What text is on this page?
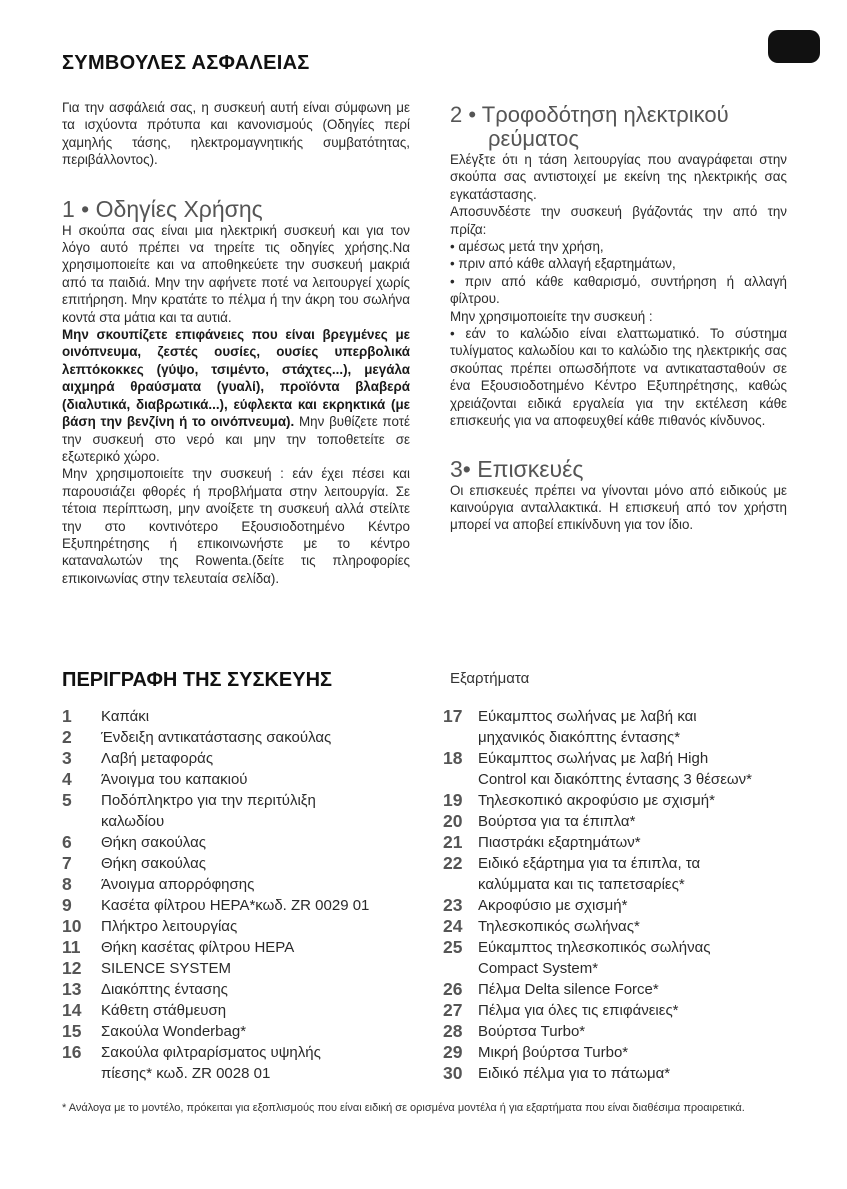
ΣΥΜΒΟΥΛΕΣ ΑΣΦΑΛΕΙΑΣ

Για την ασφάλειά σας, η συσκευή αυτή είναι σύμφωνη με τα ισχύοντα πρότυπα και κανονισμούς (Οδηγίες περί χαμηλής τάσης, ηλεκτρομαγνητικής συμβατότητας, περιβάλλοντος).

1 • Οδηγίες Χρήσης

Η σκούπα σας είναι μια ηλεκτρική συσκευή και για τον λόγο αυτό πρέπει να τηρείτε τις οδηγίες χρήσης.Να χρησιμοποιείτε και να αποθηκεύετε την συσκευή μακριά από τα παιδιά. Μην την αφήνετε ποτέ να λειτουργεί χωρίς επιτήρηση. Μην κρατάτε το πέλμα ή την άκρη του σωλήνα κοντά στα μάτια και τα αυτιά.

Μην σκουπίζετε επιφάνειες που είναι βρεγμένες με οινόπνευμα, ζεστές ουσίες, ουσίες υπερβολικά λεπτόκοκκες (γύψο, τσιμέντο, στάχτες...), μεγάλα αιχμηρά θραύσματα (γυαλί), προϊόντα βλαβερά (διαλυτικά, διαβρωτικά...), εύφλεκτα και εκρηκτικά (με βάση την βενζίνη ή το οινόπνευμα). Μην βυθίζετε ποτέ την συσκευή στο νερό και μην την τοποθετείτε σε εξωτερικό χώρο.

Μην χρησιμοποιείτε την συσκευή : εάν έχει πέσει και παρουσιάζει φθορές ή προβλήματα στην λειτουργία. Σε τέτοια περίπτωση, μην ανοίξετε τη συσκευή αλλά στείλτε την στο κοντινότερο Εξουσιοδοτημένο Κέντρο Εξυπηρέτησης ή επικοινωνήστε με το κέντρο καταναλωτών της Rowenta.(δείτε τις πληροφορίες επικοινωνίας στην τελευταία σελίδα).

2 • Τροφοδότηση ηλεκτρικού
ρεύματος

Ελέγξτε ότι η τάση λειτουργίας που αναγράφεται στην σκούπα σας αντιστοιχεί με εκείνη της ηλεκτρικής σας εγκατάστασης.

Αποσυνδέστε την συσκευή βγάζοντάς την από την πρίζα:

• αμέσως μετά την χρήση,

• πριν από κάθε αλλαγή εξαρτημάτων,

• πριν από κάθε καθαρισμό, συντήρηση ή αλλαγή φίλτρου.

Μην χρησιμοποιείτε την συσκευή :

• εάν το καλώδιο είναι ελαττωματικό. Το σύστημα τυλίγματος καλωδίου και το καλώδιο της ηλεκτρικής σας σκούπας πρέπει οπωσδήποτε να αντικατασταθούν σε ένα Εξουσιοδοτημένο Κέντρο Εξυπηρέτησης, καθώς χρειάζονται ειδικά εργαλεία για την εκτέλεση κάθε επισκευής για να αποφευχθεί κάθε πιθανός κίνδυνος.

3• Επισκευές

Οι επισκευές πρέπει να γίνονται μόνο από ειδικούς με καινούργια ανταλλακτικά. Η επισκευή από τον χρήστη μπορεί να αποβεί επικίνδυνη για τον ίδιο.

ΠΕΡΙΓΡΑΦΗ ΤΗΣ ΣΥΣΚΕΥΗΣ	Εξαρτήματα
1	Καπάκι
2	Ένδειξη αντικατάστασης σακούλας
3	Λαβή μεταφοράς
4	Άνοιγμα του καπακιού
5	Ποδόπληκτρο για την περιτύλιξη
καλωδίου
6	Θήκη σακούλας
7	Θήκη σακούλας
8	Άνοιγμα απορρόφησης
9	Κασέτα φίλτρου HEPA*κωδ. ZR 0029 01
10	Πλήκτρο λειτουργίας
11	Θήκη κασέτας φίλτρου HEPA
12	SILENCE SYSTEM
13	Διακόπτης έντασης
14	Κάθετη στάθμευση
15	Σακούλα Wonderbag*
16	Σακούλα φιλτραρίσματος υψηλής
πίεσης* κωδ. ZR 0028 01
17	Εύκαμπτος σωλήνας με λαβή και
μηχανικός διακόπτης έντασης*
18	Εύκαμπτος σωλήνας με λαβή High
Control και διακόπτης έντασης 3 θέσεων*
19	Τηλεσκοπικό ακροφύσιο με σχισμή*
20	Βούρτσα για τα έπιπλα*
21	Πιαστράκι εξαρτημάτων*
22	Ειδικό εξάρτημα για τα έπιπλα, τα
καλύμματα και τις ταπετσαρίες*
23	Ακροφύσιο με σχισμή*
24	Τηλεσκοπικός σωλήνας*
25	Εύκαμπτος τηλεσκοπικός σωλήνας
Compact System*
26	Πέλμα Delta silence Force*
27	Πέλμα για όλες τις επιφάνειες*
28	Βούρτσα Turbo*
29	Μικρή βούρτσα Turbo*
30	Ειδικό πέλμα για το πάτωμα*
* Ανάλογα με το μοντέλο, πρόκειται για εξοπλισμούς που είναι ειδική σε ορισμένα μοντέλα ή για εξαρτήματα που είναι διαθέσιμα προαιρετικά.
